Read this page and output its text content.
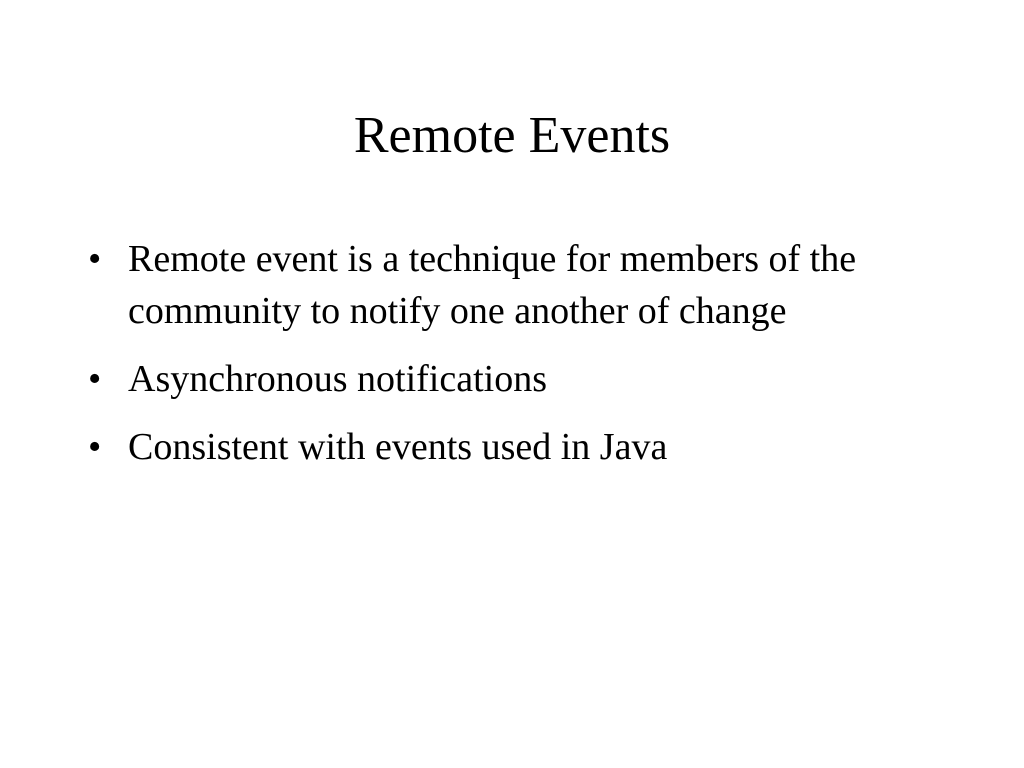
Remote Events
• Remote event is a technique for members of the community to notify one another of change
• Asynchronous notifications
• Consistent with events used in Java
